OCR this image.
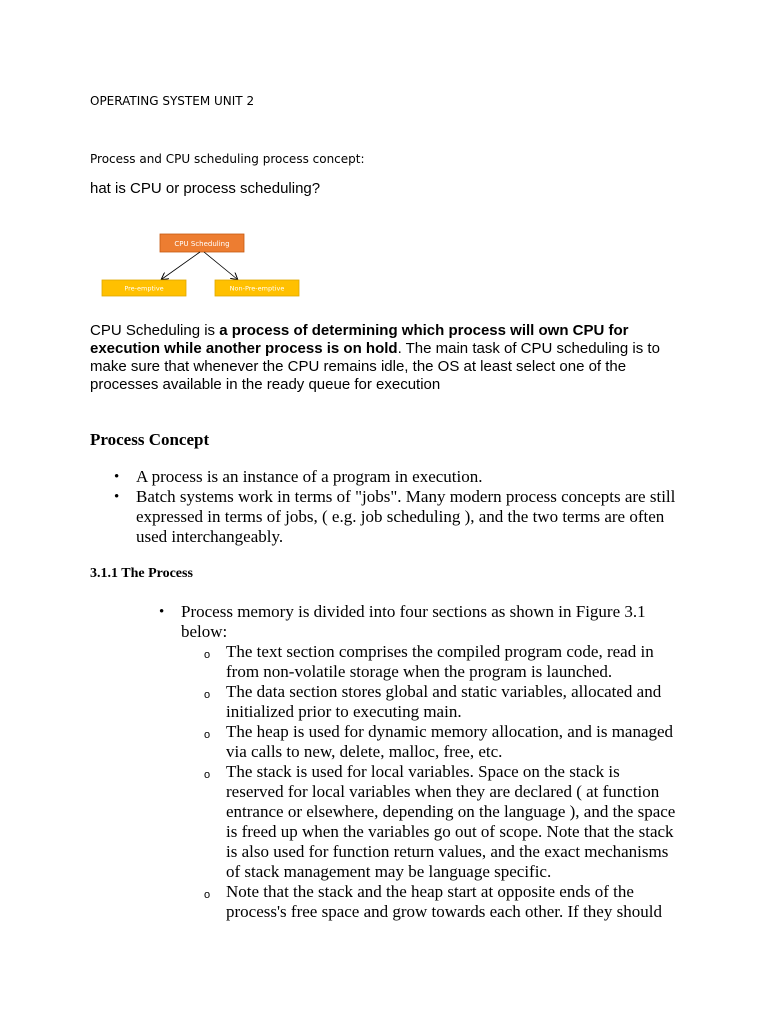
OPERATING SYSTEM UNIT 2
Process and CPU scheduling process concept:
hat is CPU or process scheduling?
CPU Scheduling
Pre-emptive	Non-Pre-emptive

CPU Scheduling is a process of determining which process will own CPU for execution while another process is on hold. The main task of CPU scheduling is to make sure that whenever the CPU remains idle, the OS at least select one of the processes available in the ready queue for execution

Process Concept
• A process is an instance of a program in execution.
• Batch systems work in terms of "jobs". Many modern process concepts are still expressed in terms of jobs, ( e.g. job scheduling ), and the two terms are often used interchangeably.
3.1.1 The Process
• Process memory is divided into four sections as shown in Figure 3.1 below:
o The text section comprises the compiled program code, read in from non-volatile storage when the program is launched.
o The data section stores global and static variables, allocated and initialized prior to executing main.
o The heap is used for dynamic memory allocation, and is managed via calls to new, delete, malloc, free, etc.
o The stack is used for local variables. Space on the stack is reserved for local variables when they are declared ( at function entrance or elsewhere, depending on the language ), and the space is freed up when the variables go out of scope. Note that the stack is also used for function return values, and the exact mechanisms of stack management may be language specific.
o Note that the stack and the heap start at opposite ends of the process's free space and grow towards each other. If they should
